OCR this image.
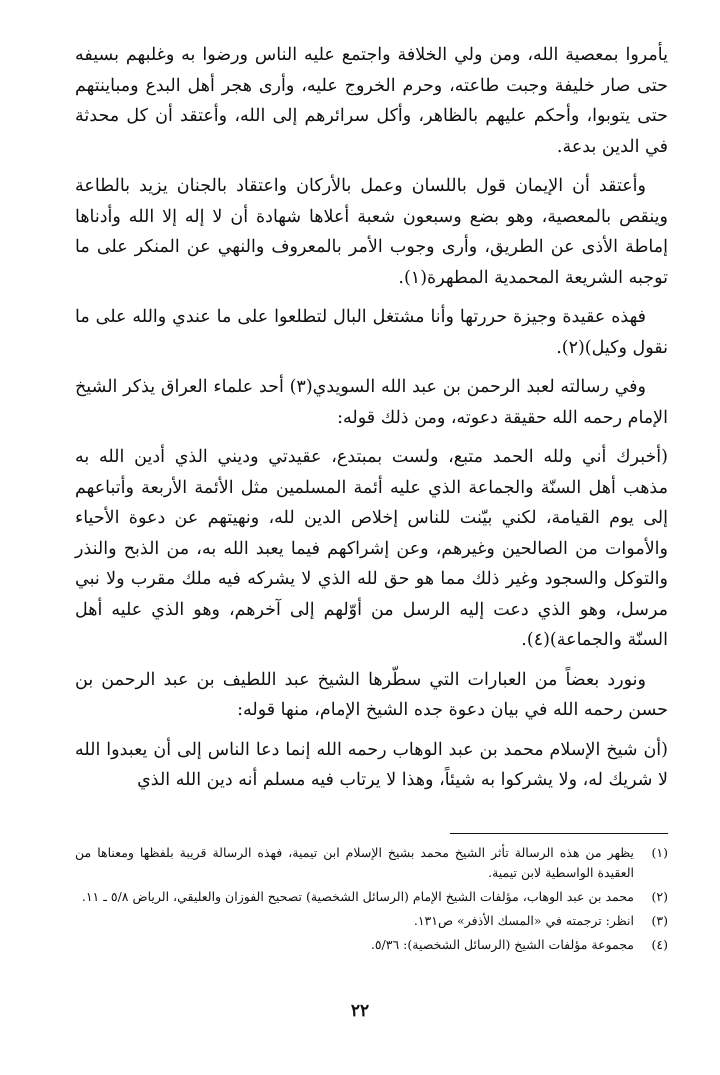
يأمروا بمعصية الله، ومن ولي الخلافة واجتمع عليه الناس ورضوا به وغلبهم بسيفه حتى صار خليفة وجبت طاعته، وحرم الخروج عليه، وأرى هجر أهل البدع ومباينتهم حتى يتوبوا، وأحكم عليهم بالظاهر، وأكل سرائرهم إلى الله، وأعتقد أن كل محدثة في الدين بدعة.

وأعتقد أن الإيمان قول باللسان وعمل بالأركان واعتقاد بالجنان يزيد بالطاعة وينقص بالمعصية، وهو بضع وسبعون شعبة أعلاها شهادة أن لا إله إلا الله وأدناها إماطة الأذى عن الطريق، وأرى وجوب الأمر بالمعروف والنهي عن المنكر على ما توجبه الشريعة المحمدية المطهرة(١).

فهذه عقيدة وجيزة حررتها وأنا مشتغل البال لتطلعوا على ما عندي والله على ما نقول وكيل)(٢).

وفي رسالته لعبد الرحمن بن عبد الله السويدي(٣) أحد علماء العراق يذكر الشيخ الإمام رحمه الله حقيقة دعوته، ومن ذلك قوله:

(أخبرك أني ولله الحمد متبع، ولست بمبتدع، عقيدتي وديني الذي أدين الله به مذهب أهل السنّة والجماعة الذي عليه أئمة المسلمين مثل الأئمة الأربعة وأتباعهم إلى يوم القيامة، لكني بيّنت للناس إخلاص الدين لله، ونهيتهم عن دعوة الأحياء والأموات من الصالحين وغيرهم، وعن إشراكهم فيما يعبد الله به، من الذبح والنذر والتوكل والسجود وغير ذلك مما هو حق لله الذي لا يشركه فيه ملك مقرب ولا نبي مرسل، وهو الذي دعت إليه الرسل من أوّلهم إلى آخرهم، وهو الذي عليه أهل السنّة والجماعة)(٤).

ونورد بعضاً من العبارات التي سطّرها الشيخ عبد اللطيف بن عبد الرحمن بن حسن رحمه الله في بيان دعوة جده الشيخ الإمام، منها قوله:

(أن شيخ الإسلام محمد بن عبد الوهاب رحمه الله إنما دعا الناس إلى أن يعبدوا الله لا شريك له، ولا يشركوا به شيئاً، وهذا لا يرتاب فيه مسلم أنه دين الله الذي

(١)
يظهر من هذه الرسالة تأثر الشيخ محمد بشيخ الإسلام ابن تيمية، فهذه الرسالة قريبة بلفظها ومعناها من العقيدة الواسطية لابن تيمية.
(٢)
محمد بن عبد الوهاب، مؤلفات الشيخ الإمام (الرسائل الشخصية) تصحيح الفوزان والعليقي، الرياض ٥/٨ ـ ١١.
(٣)
انظر: ترجمته في «المسك الأذفر» ص١٣١.
(٤)
مجموعة مؤلفات الشيخ (الرسائل الشخصية): ٥/٣٦.
٢٢
